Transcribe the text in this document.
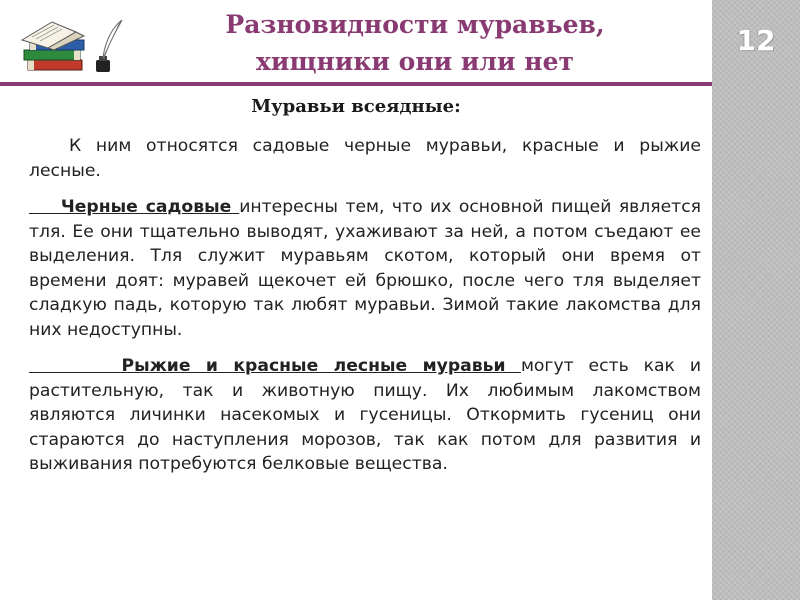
Разновидности муравьев,
хищники они или нет
12
Муравьи всеядные:

К ним относятся садовые черные муравьи, красные и рыжие лесные.

Черные садовые интересны тем, что их основной пищей является тля. Ее они тщательно выводят, ухаживают за ней, а потом съедают ее выделения. Тля служит муравьям скотом, который они время от времени доят: муравей щекочет ей брюшко, после чего тля выделяет сладкую падь, которую так любят муравьи. Зимой такие лакомства для них недоступны.

Рыжие и красные лесные муравьи могут есть как и растительную, так и животную пищу. Их любимым лакомством являются личинки насекомых и гусеницы. Откормить гусениц они стараются до наступления морозов, так как потом для развития и выживания потребуются белковые вещества.
